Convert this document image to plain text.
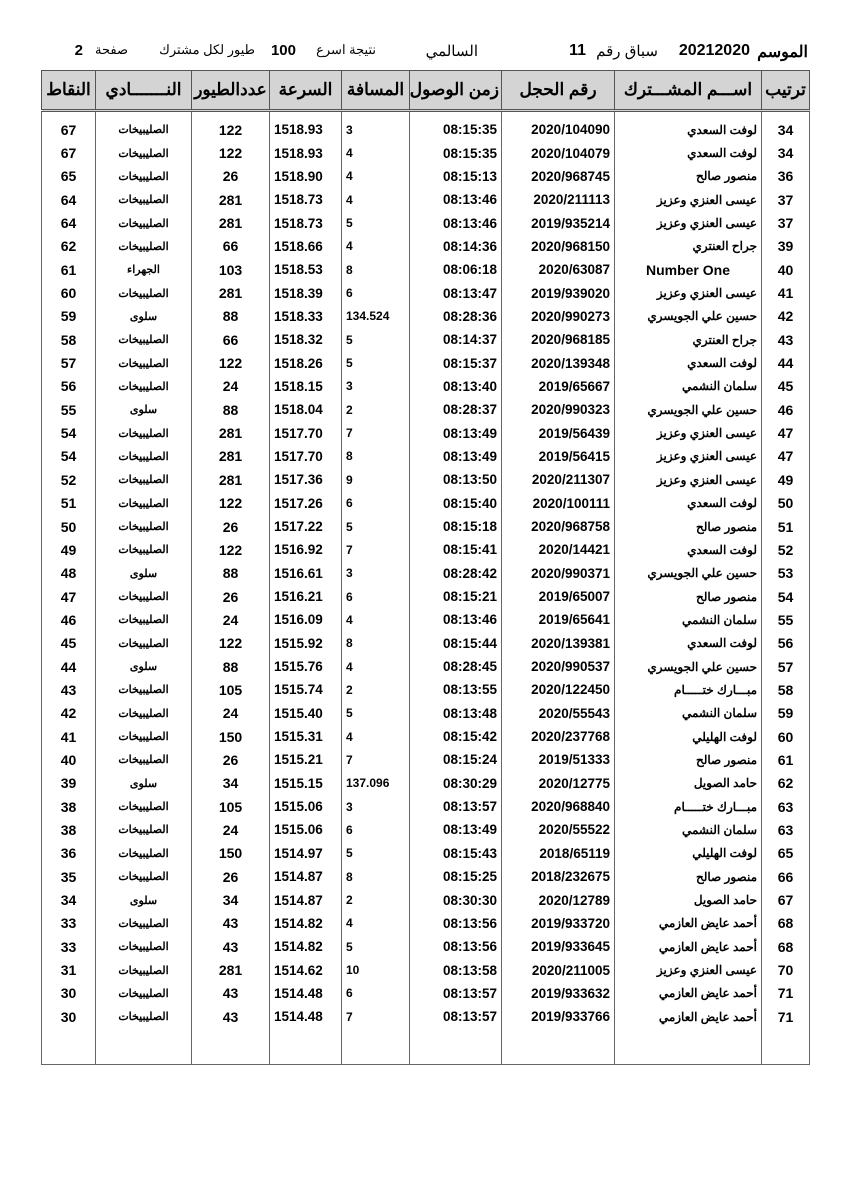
الموسم
20212020
سباق رقم
11
السالمي
نتيجة اسرع
100
طيور لكل مشترك
صفحة
2
ترتيب	اســـم المشـــترك	رقم الحجل	زمن الوصول	المسافة	السرعة	عددالطيور	النـــــــادي	النقاط
34	لوفت السعدي	2020/104090	08:15:35	3	1518.93	122	الصليبيخات	67
34	لوفت السعدي	2020/104079	08:15:35	4	1518.93	122	الصليبيخات	67
36	منصور صالح	2020/968745	08:15:13	4	1518.90	26	الصليبيخات	65
37	عيسى العنزي وعزيز	2020/211113	08:13:46	4	1518.73	281	الصليبيخات	64
37	عيسى العنزي وعزيز	2019/935214	08:13:46	5	1518.73	281	الصليبيخات	64
39	جراح العنتري	2020/968150	08:14:36	4	1518.66	66	الصليبيخات	62
40	Number One	2020/63087	08:06:18	8	1518.53	103	الجهراء	61
41	عيسى العنزي وعزيز	2019/939020	08:13:47	6	1518.39	281	الصليبيخات	60
42	حسين علي الجويسري	2020/990273	08:28:36	134.524	1518.33	88	سلوى	59
43	جراح العنتري	2020/968185	08:14:37	5	1518.32	66	الصليبيخات	58
44	لوفت السعدي	2020/139348	08:15:37	5	1518.26	122	الصليبيخات	57
45	سلمان النشمي	2019/65667	08:13:40	3	1518.15	24	الصليبيخات	56
46	حسين علي الجويسري	2020/990323	08:28:37	2	1518.04	88	سلوى	55
47	عيسى العنزي وعزيز	2019/56439	08:13:49	7	1517.70	281	الصليبيخات	54
47	عيسى العنزي وعزيز	2019/56415	08:13:49	8	1517.70	281	الصليبيخات	54
49	عيسى العنزي وعزيز	2020/211307	08:13:50	9	1517.36	281	الصليبيخات	52
50	لوفت السعدي	2020/100111	08:15:40	6	1517.26	122	الصليبيخات	51
51	منصور صالح	2020/968758	08:15:18	5	1517.22	26	الصليبيخات	50
52	لوفت السعدي	2020/14421	08:15:41	7	1516.92	122	الصليبيخات	49
53	حسين علي الجويسري	2020/990371	08:28:42	3	1516.61	88	سلوى	48
54	منصور صالح	2019/65007	08:15:21	6	1516.21	26	الصليبيخات	47
55	سلمان النشمي	2019/65641	08:13:46	4	1516.09	24	الصليبيخات	46
56	لوفت السعدي	2020/139381	08:15:44	8	1515.92	122	الصليبيخات	45
57	حسين علي الجويسري	2020/990537	08:28:45	4	1515.76	88	سلوى	44
58	مبـــارك ختـــــام	2020/122450	08:13:55	2	1515.74	105	الصليبيخات	43
59	سلمان النشمي	2020/55543	08:13:48	5	1515.40	24	الصليبيخات	42
60	لوفت الهليلي	2020/237768	08:15:42	4	1515.31	150	الصليبيخات	41
61	منصور صالح	2019/51333	08:15:24	7	1515.21	26	الصليبيخات	40
62	حامد الصويل	2020/12775	08:30:29	137.096	1515.15	34	سلوى	39
63	مبـــارك ختـــــام	2020/968840	08:13:57	3	1515.06	105	الصليبيخات	38
63	سلمان النشمي	2020/55522	08:13:49	6	1515.06	24	الصليبيخات	38
65	لوفت الهليلي	2018/65119	08:15:43	5	1514.97	150	الصليبيخات	36
66	منصور صالح	2018/232675	08:15:25	8	1514.87	26	الصليبيخات	35
67	حامد الصويل	2020/12789	08:30:30	2	1514.87	34	سلوى	34
68	أحمد عايض العازمي	2019/933720	08:13:56	4	1514.82	43	الصليبيخات	33
68	أحمد عايض العازمي	2019/933645	08:13:56	5	1514.82	43	الصليبيخات	33
70	عيسى العنزي وعزيز	2020/211005	08:13:58	10	1514.62	281	الصليبيخات	31
71	أحمد عايض العازمي	2019/933632	08:13:57	6	1514.48	43	الصليبيخات	30
71	أحمد عايض العازمي	2019/933766	08:13:57	7	1514.48	43	الصليبيخات	30
